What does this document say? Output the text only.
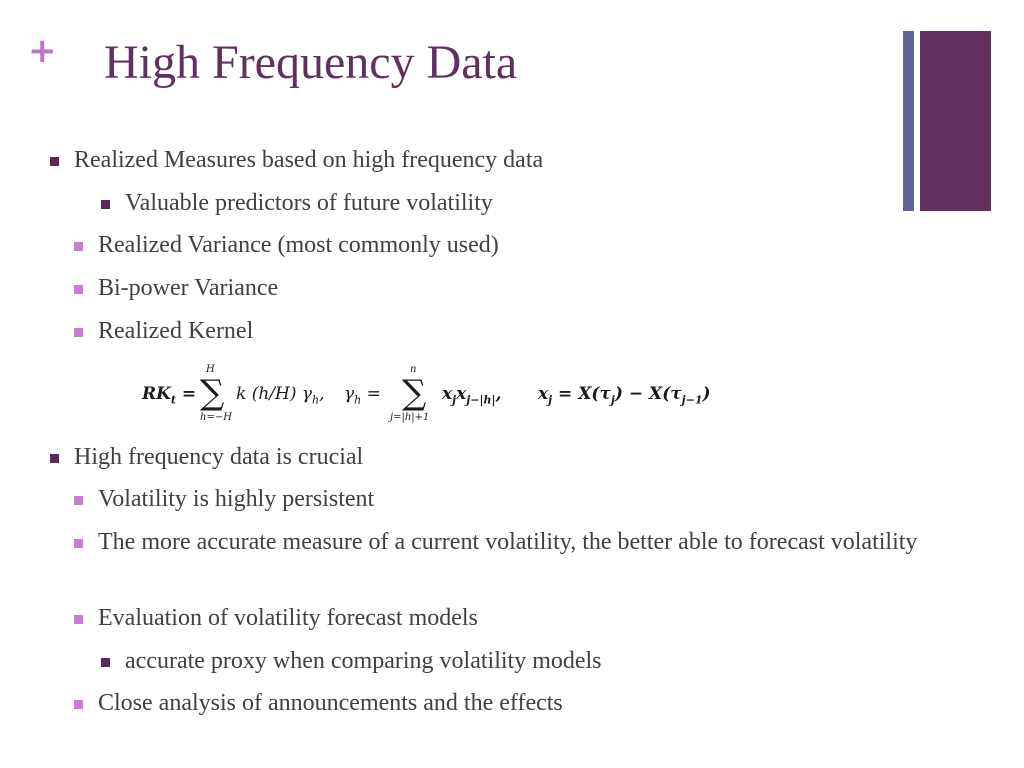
+ High Frequency Data
Realized Measures based on high frequency data
Valuable predictors of future volatility
Realized Variance (most commonly used)
Bi-power Variance
Realized Kernel
High frequency data is crucial
Volatility is highly persistent
The more accurate measure of a current volatility, the better able to forecast volatility
Evaluation of volatility forecast models
accurate proxy when comparing volatility models
Close analysis of announcements and the effects
$RK_t$ =
H
∑
h=−H
k (h/H) $\gamma_h$, $\gamma_h$ =
n
∑
j=|h|+1
$x_jx_{j-|h|}$, $x_j = X(\tau_j) - X(\tau_{j-1})$
